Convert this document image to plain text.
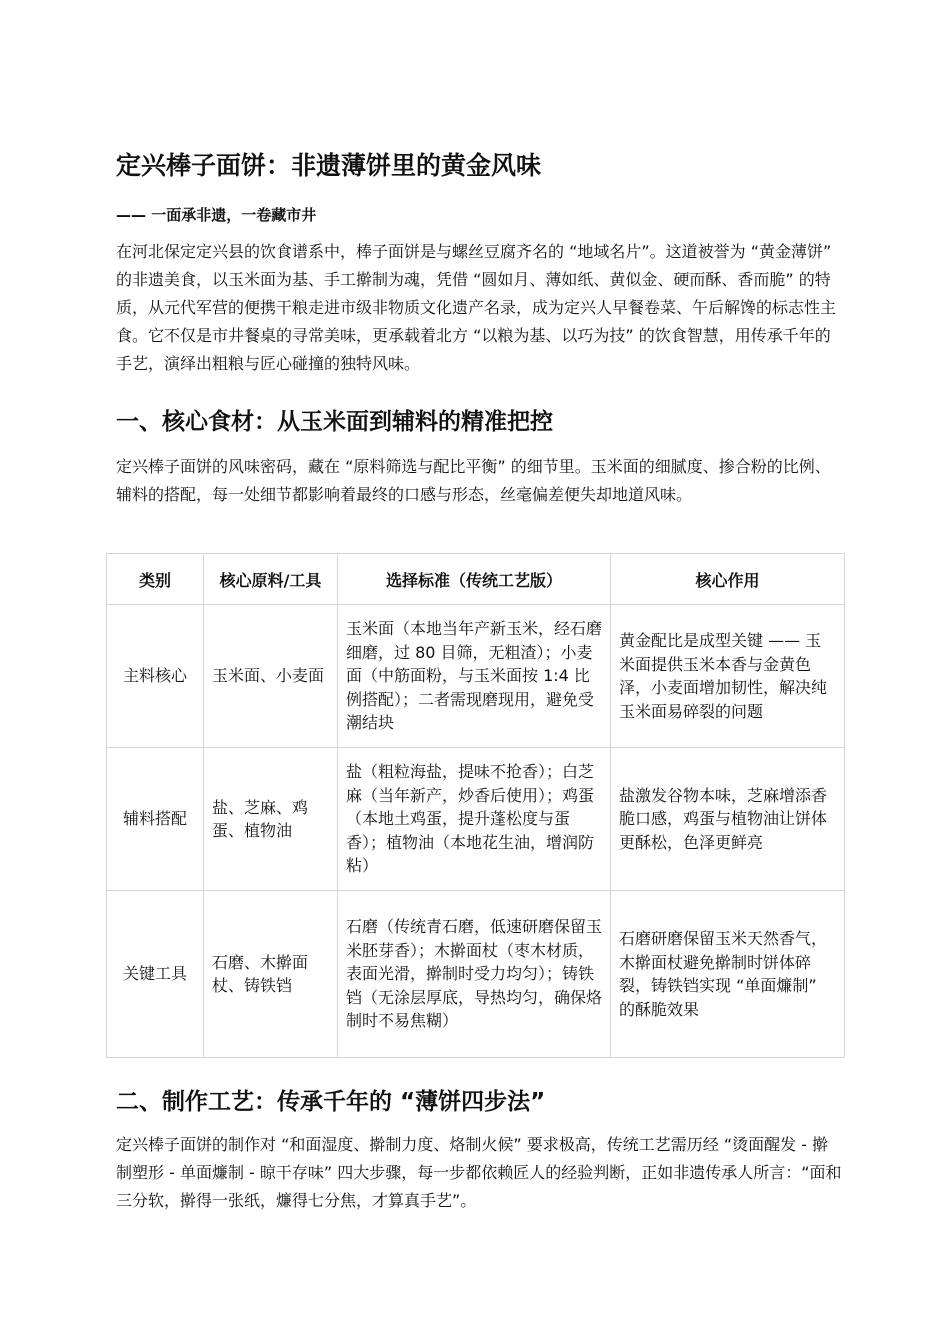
定兴棒子面饼：非遗薄饼里的黄金风味

—— 一面承非遗，一卷藏市井

在河北保定定兴县的饮食谱系中，棒子面饼是与螺丝豆腐齐名的 “地域名片”。这道被誉为 “黄金薄饼” 的非遗美食，以玉米面为基、手工擀制为魂，凭借 “圆如月、薄如纸、黄似金、硬而酥、香而脆” 的特质，从元代军营的便携干粮走进市级非物质文化遗产名录，成为定兴人早餐卷菜、午后解馋的标志性主食。它不仅是市井餐桌的寻常美味，更承载着北方 “以粮为基、以巧为技” 的饮食智慧，用传承千年的手艺，演绎出粗粮与匠心碰撞的独特风味。

一、核心食材：从玉米面到辅料的精准把控

定兴棒子面饼的风味密码，藏在 “原料筛选与配比平衡” 的细节里。玉米面的细腻度、掺合粉的比例、辅料的搭配，每一处细节都影响着最终的口感与形态，丝毫偏差便失却地道风味。

类别	核心原料/工具	选择标准（传统工艺版）	核心作用
主料核心	玉米面、小麦面	玉米面（本地当年产新玉米，经石磨细磨，过 80 目筛，无粗渣）；小麦面（中筋面粉，与玉米面按 1:4 比例搭配）；二者需现磨现用，避免受潮结块	黄金配比是成型关键 —— 玉米面提供玉米本香与金黄色泽，小麦面增加韧性，解决纯玉米面易碎裂的问题
辅料搭配	盐、芝麻、鸡蛋、植物油	盐（粗粒海盐，提味不抢香）；白芝麻（当年新产，炒香后使用）；鸡蛋（本地土鸡蛋，提升蓬松度与蛋香）；植物油（本地花生油，增润防粘）	盐激发谷物本味，芝麻增添香脆口感，鸡蛋与植物油让饼体更酥松，色泽更鲜亮
关键工具	石磨、木擀面杖、铸铁铛	石磨（传统青石磨，低速研磨保留玉米胚芽香）；木擀面杖（枣木材质，表面光滑，擀制时受力均匀）；铸铁铛（无涂层厚底，导热均匀，确保烙制时不易焦糊）	石磨研磨保留玉米天然香气，木擀面杖避免擀制时饼体碎裂，铸铁铛实现 “单面燫制” 的酥脆效果
二、制作工艺：传承千年的 “薄饼四步法”

定兴棒子面饼的制作对 “和面湿度、擀制力度、烙制火候” 要求极高，传统工艺需历经 “烫面醒发 - 擀制塑形 - 单面燫制 - 晾干存味” 四大步骤，每一步都依赖匠人的经验判断，正如非遗传承人所言：“面和三分软，擀得一张纸，燫得七分焦，才算真手艺”。
